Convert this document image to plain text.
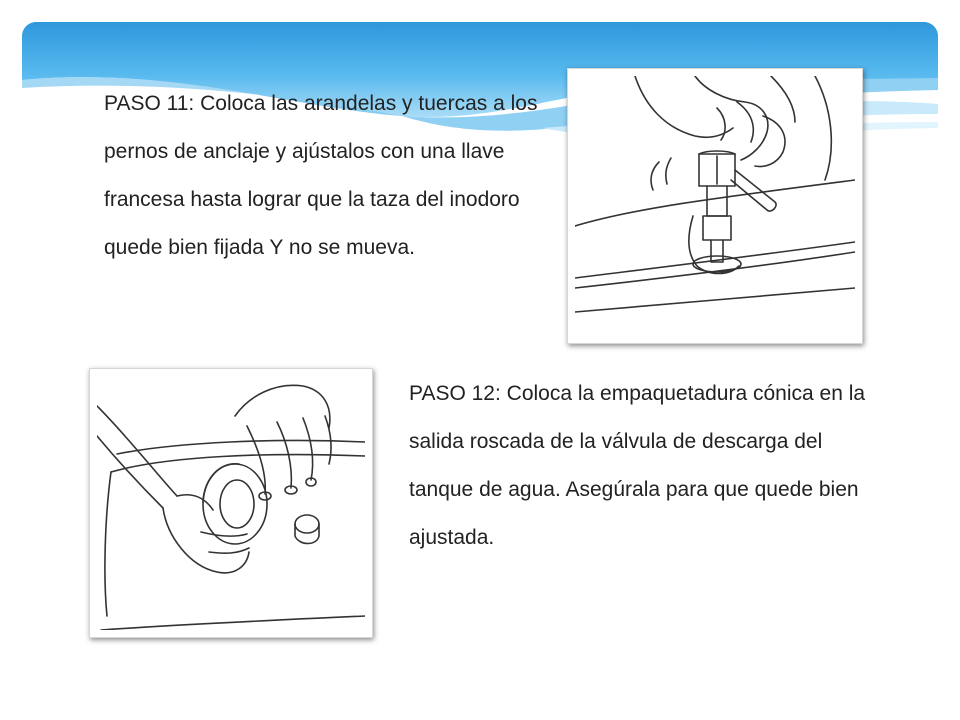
PASO 11: Coloca las arandelas y tuercas a los pernos de anclaje y ajústalos con una llave francesa hasta lograr que la taza del inodoro quede bien fijada Y no se mueva.

PASO 12: Coloca la empaquetadura cónica en la salida roscada de la válvula de descarga del tanque de agua. Asegúrala para que quede bien ajustada.
